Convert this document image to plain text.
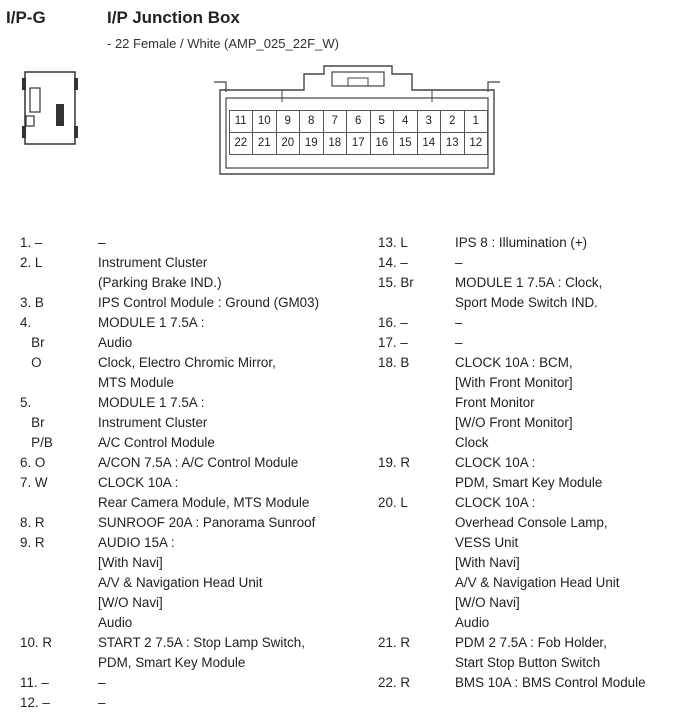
I/P-G	I/P Junction Box
- 22 Female / White (AMP_025_22F_W)
11 10	9	8	7	6	5	4	3	2	1
22 21 20 19 18 17 16 15 14 13 12
1. –	–
2. L	Instrument Cluster
(Parking Brake IND.)
3. B	IPS Control Module : Ground (GM03)
4.	MODULE 1 7.5A :
Br	Audio
O	Clock, Electro Chromic Mirror,
MTS Module
5.	MODULE 1 7.5A :
Br	Instrument Cluster
P/B	A/C Control Module
6. O	A/CON 7.5A : A/C Control Module
7. W	CLOCK 10A :
Rear Camera Module, MTS Module
8. R	SUNROOF 20A : Panorama Sunroof
9. R	AUDIO 15A :
[With Navi]
A/V & Navigation Head Unit
[W/O Navi]
Audio
10. R	START 2 7.5A : Stop Lamp Switch,
PDM, Smart Key Module
11. –	–
12. –	–
13. L	IPS 8 : Illumination (+)
14. –	–
15. Br	MODULE 1 7.5A : Clock,
Sport Mode Switch IND.
16. –	–
17. –	–
18. B	CLOCK 10A : BCM,
[With Front Monitor]
Front Monitor
[W/O Front Monitor]
Clock
19. R	CLOCK 10A :
PDM, Smart Key Module
20. L	CLOCK 10A :
Overhead Console Lamp,
VESS Unit
[With Navi]
A/V & Navigation Head Unit
[W/O Navi]
Audio
21. R	PDM 2 7.5A : Fob Holder,
Start Stop Button Switch
22. R	BMS 10A : BMS Control Module
